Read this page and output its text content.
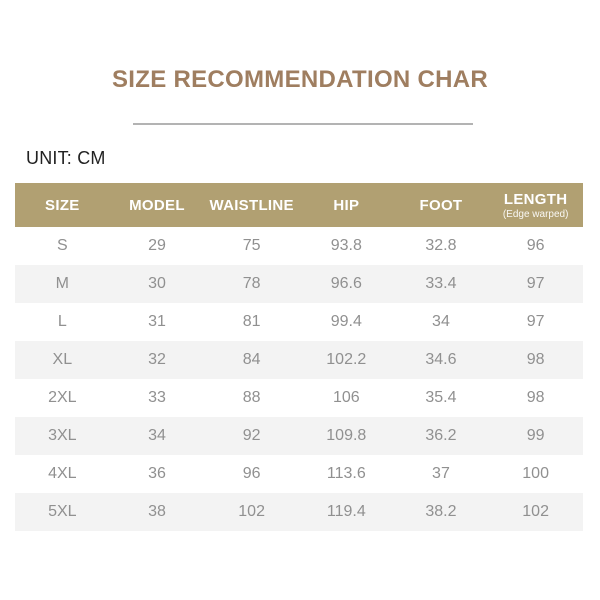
SIZE RECOMMENDATION CHAR
UNIT: CM
SIZE	MODEL	WAISTLINE	HIP	FOOT	LENGTH
(Edge warped)

S	29	75	93.8	32.8	96
M	30	78	96.6	33.4	97
L	31	81	99.4	34	97
XL	32	84	102.2	34.6	98
2XL	33	88	106	35.4	98
3XL	34	92	109.8	36.2	99
4XL	36	96	113.6	37	100
5XL	38	102	119.4	38.2	102
